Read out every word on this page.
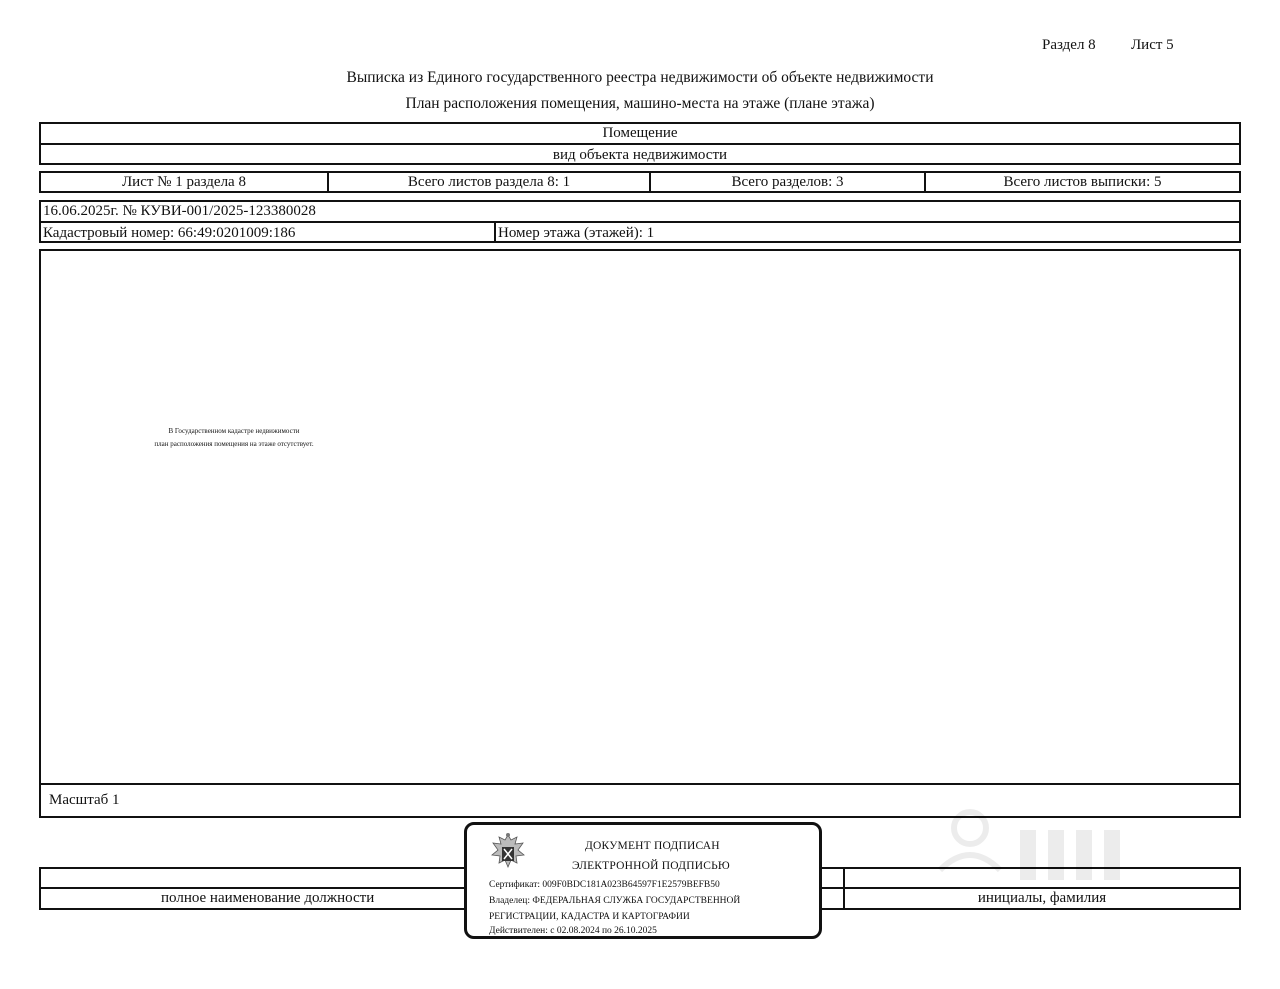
Раздел 8 Лист 5
Выписка из Единого государственного реестра недвижимости об объекте недвижимости
План расположения помещения, машино-места на этаже (плане этажа)
Помещение
вид объекта недвижимости
Лист № 1 раздела 8	Всего листов раздела 8: 1	Всего разделов: 3	Всего листов выписки: 5
16.06.2025г. № КУВИ-001/2025-123380028
Кадастровый номер: 66:49:0201009:186	Номер этажа (этажей): 1
В Государственном кадастре недвижимости
план расположения помещения на этаже отсутствует.
Масштаб 1
полное наименование должности	инициалы, фамилия
ДОКУМЕНТ ПОДПИСАН
ЭЛЕКТРОННОЙ ПОДПИСЬЮ
Сертификат: 009F0BDC181A023B64597F1E2579BEFB50
Владелец: ФЕДЕРАЛЬНАЯ СЛУЖБА ГОСУДАРСТВЕННОЙ
РЕГИСТРАЦИИ, КАДАСТРА И КАРТОГРАФИИ
Действителен: с 02.08.2024 по 26.10.2025
